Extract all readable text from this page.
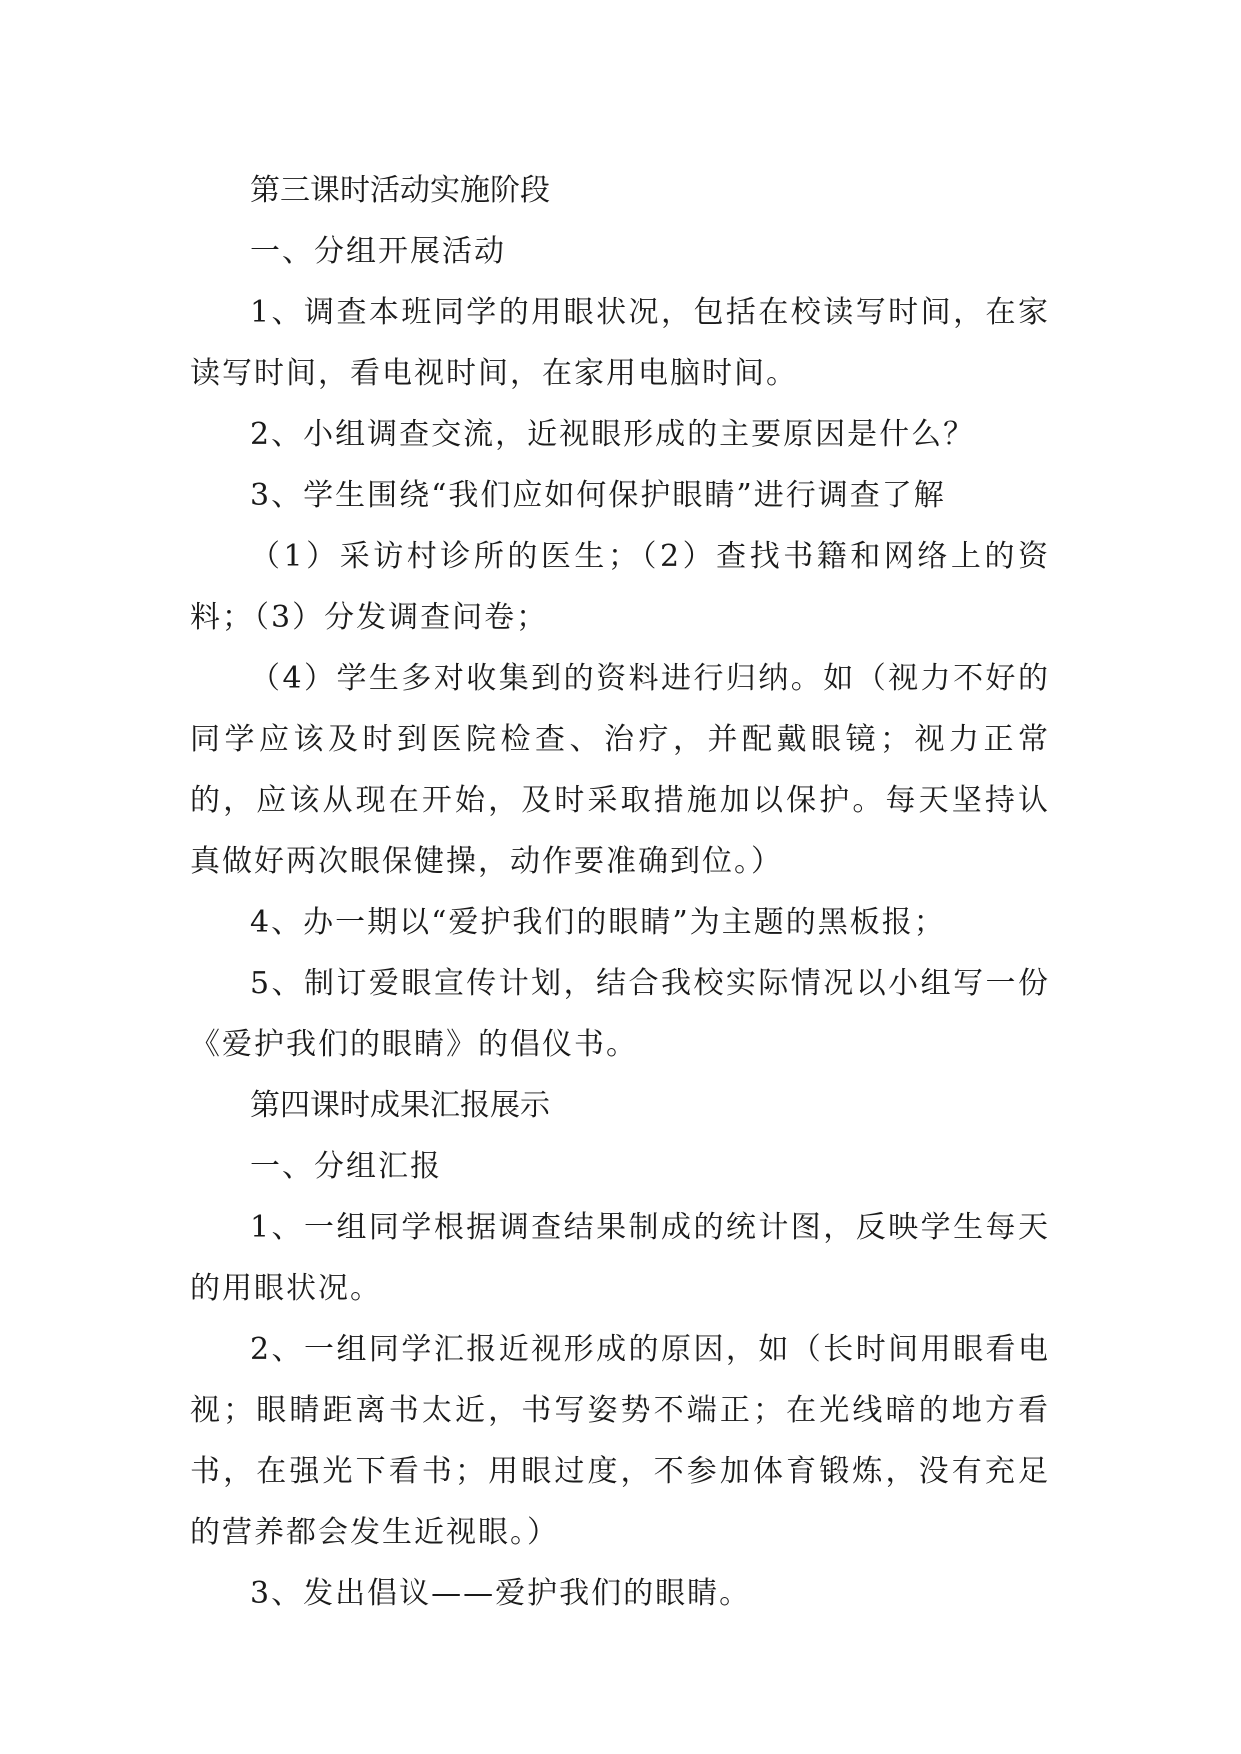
第三课时活动实施阶段

一、分组开展活动

1、调查本班同学的用眼状况，包括在校读写时间，在家读写时间，看电视时间，在家用电脑时间。

2、小组调查交流，近视眼形成的主要原因是什么？

3、学生围绕“我们应如何保护眼睛”进行调查了解

（1）采访村诊所的医生；（2）查找书籍和网络上的资料；（3）分发调查问卷；

（4）学生多对收集到的资料进行归纳。如（视力不好的同学应该及时到医院检查、治疗，并配戴眼镜；视力正常的，应该从现在开始，及时采取措施加以保护。每天坚持认真做好两次眼保健操，动作要准确到位。）

4、办一期以“爱护我们的眼睛”为主题的黑板报；

5、制订爱眼宣传计划，结合我校实际情况以小组写一份《爱护我们的眼睛》的倡仪书。

第四课时成果汇报展示

一、分组汇报

1、一组同学根据调查结果制成的统计图，反映学生每天的用眼状况。

2、一组同学汇报近视形成的原因，如（长时间用眼看电视；眼睛距离书太近，书写姿势不端正；在光线暗的地方看书，在强光下看书；用眼过度，不参加体育锻炼，没有充足的营养都会发生近视眼。）

3、发出倡议——爱护我们的眼睛。
